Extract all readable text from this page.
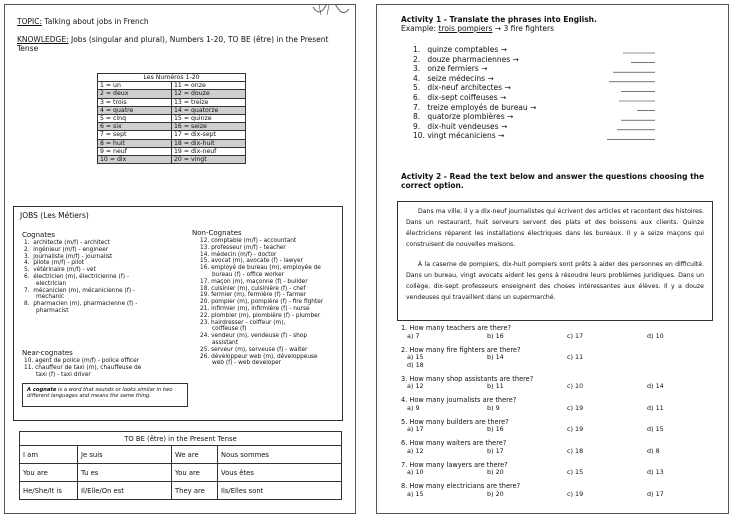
TOPIC: Talking about jobs in French
KNOWLEDGE: Jobs (singular and plural), Numbers 1-20, TO BE (être) in the Present Tense
Les Numéros 1-20	
1 = un	11 = onze
2 = deux	12 = douze
3 = trois	13 = treize
4 = quatre	14 = quatorze
5 = cinq	15 = quinze
6 = six	16 = seize
7 = sept	17 = dix-sept
8 = huit	18 = dix-huit
9 = neuf	19 = dix-neuf
10 = dix	20 = vingt
JOBS (Les Métiers)
Cognates
1.  architecte (m/f) - architect
2.  ingénieur (m/f) - engineer
3.  journaliste (m/f) - journalist
4.  pilote (m/f) - pilot
5.  vétérinaire (m/f) - vet
6.  électricien (m), électricienne (f) -
electrician
7.  mécanicien (m), mécanicienne (f) -
mechanic
8.  pharmacien (m), pharmacienne (f) -
pharmacist
Near-cognates
10. agent de police (m/f) - police officer
11. chauffeur de taxi (m), chauffeuse de
taxi (f) - taxi driver
A cognate is a word that sounds or looks similar in two different languages and means the same thing.
Non-Cognates
12. comptable (m/f) - accountant
13. professeur (m/f) - teacher
14. médecin (m/f) - doctor
15. avocat (m), avocate (f) - lawyer
16. employé de bureau (m), employée de
bureau (f) - office worker
17. maçon (m), maçonne (f) - builder
18. cuisinier (m), cuisinière (f) - chef
19. fermier (m), fermière (f) - farmer
20. pompier (m), pompière (f) - fire fighter
21. infirmier (m), infirmière (f) - nurse
22. plombier (m), plombière (f) - plumber
23. hairdresser - coiffeur (m),
coiffeuse (f)
24. vendeur (m), vendeuse (f) - shop
assistant
25. serveur (m), serveuse (f) - waiter
26. développeur web (m), développeuse
web (f) - web developer
TO BE (être) in the Present Tense			
I am	Je suis	We are	Nous sommes
You are	Tu es	You are	Vous êtes
He/She/It is	Il/Elle/On est	They are	Ils/Elles sont
Activity 1 - Translate the phrases into English.
Example: trois pompiers → 3 fire fighters
1.   quinze comptables →
2.   douze pharmaciennes →
3.   onze fermiers →
4.   seize médecins →
5.   dix-neuf architectes →
6.   dix-sept coiffeuses →
7.   treize employés de bureau →
8.   quatorze plombières →
9.   dix-huit vendeuses →
10. vingt mécaniciens →
Activity 2 - Read the text below and answer the questions choosing the correct option.

Dans ma ville, il y a dix-neuf journalistes qui écrivent des articles et racontent des histoires. Dans un restaurant, huit serveurs servent des plats et des boissons aux clients. Quinze électriciens réparent les installations électriques dans les bureaux. Il y a seize maçons qui construisent de nouvelles maisons.

À la caserne de pompiers, dix-huit pompiers sont prêts à aider des personnes en difficulté. Dans un bureau, vingt avocats aident les gens à résoudre leurs problèmes juridiques. Dans un collège, dix-sept professeurs enseignent des choses intéressantes aux élèves. Il y a douze vendeuses qui travaillent dans un supermarché.

1. How many teachers are there?
a) 7	b) 16	c) 17	d) 10
2. How many fire fighters are there?
a) 15	b) 14	c) 11
d) 18
3. How many shop assistants are there?
a) 12	b) 11	c) 10	d) 14
4. How many journalists are there?
a) 9	b) 9	c) 19	d) 11
5. How many builders are there?
a) 17	b) 16	c) 19	d) 15
6. How many waiters are there?
a) 12	b) 17	c) 18	d) 8
7. How many lawyers are there?
a) 10	b) 20	c) 15	d) 13
8. How many electricians are there?
a) 15	b) 20	c) 19	d) 17
